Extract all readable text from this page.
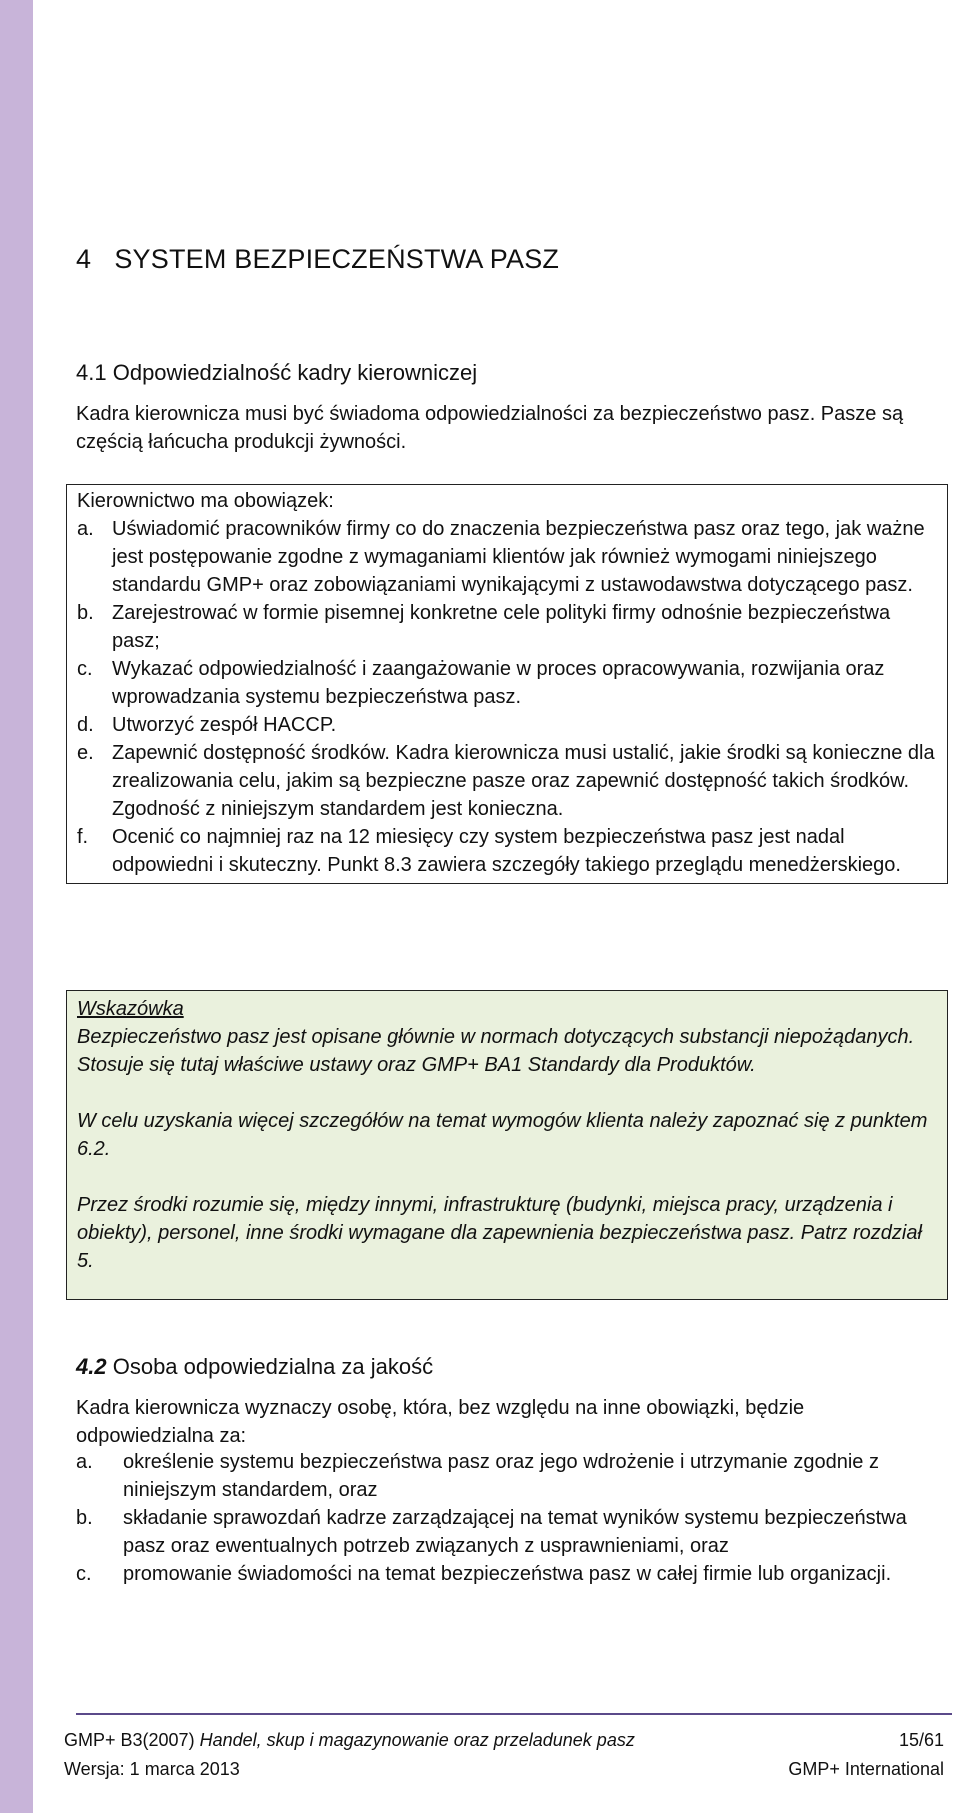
4 SYSTEM BEZPIECZEŃSTWA PASZ
4.1 Odpowiedzialność kadry kierowniczej

Kadra kierownicza musi być świadoma odpowiedzialności za bezpieczeństwo pasz. Pasze są częścią łańcucha produkcji żywności.

Kierownictwo ma obowiązek:
a. Uświadomić pracowników firmy co do znaczenia bezpieczeństwa pasz oraz tego, jak ważne jest postępowanie zgodne z wymaganiami klientów jak również wymogami niniejszego standardu GMP+ oraz zobowiązaniami wynikającymi z ustawodawstwa dotyczącego pasz.
b. Zarejestrować w formie pisemnej konkretne cele polityki firmy odnośnie bezpieczeństwa pasz;
c. Wykazać odpowiedzialność i zaangażowanie w proces opracowywania, rozwijania oraz wprowadzania systemu bezpieczeństwa pasz.
d. Utworzyć zespół HACCP.
e. Zapewnić dostępność środków. Kadra kierownicza musi ustalić, jakie środki są konieczne dla zrealizowania celu, jakim są bezpieczne pasze oraz zapewnić dostępność takich środków. Zgodność z niniejszym standardem jest konieczna.
f.	Ocenić co najmniej raz na 12 miesięcy czy system bezpieczeństwa pasz jest nadal odpowiedni i skuteczny. Punkt 8.3 zawiera szczegóły takiego przeglądu menedżerskiego.
Wskazówka

Bezpieczeństwo pasz jest opisane głównie w normach dotyczących substancji niepożądanych. Stosuje się tutaj właściwe ustawy oraz GMP+ BA1 Standardy dla Produktów.

W celu uzyskania więcej szczegółów na temat wymogów klienta należy zapoznać się z punktem 6.2.

Przez środki rozumie się, między innymi, infrastrukturę (budynki, miejsca pracy, urządzenia i obiekty), personel, inne środki wymagane dla zapewnienia bezpieczeństwa pasz. Patrz rozdział 5.

4.2 Osoba odpowiedzialna za jakość

Kadra kierownicza wyznaczy osobę, która, bez względu na inne obowiązki, będzie odpowiedzialna za:

a.	określenie systemu bezpieczeństwa pasz oraz jego wdrożenie i utrzymanie zgodnie z niniejszym standardem, oraz
b.	składanie sprawozdań kadrze zarządzającej na temat wyników systemu bezpieczeństwa pasz oraz ewentualnych potrzeb związanych z usprawnieniami, oraz
c.	promowanie świadomości na temat bezpieczeństwa pasz w całej firmie lub organizacji.
GMP+ B3(2007) Handel, skup i magazynowanie oraz przeladunek pasz	15/61
Wersja: 1 marca 2013	GMP+ International
